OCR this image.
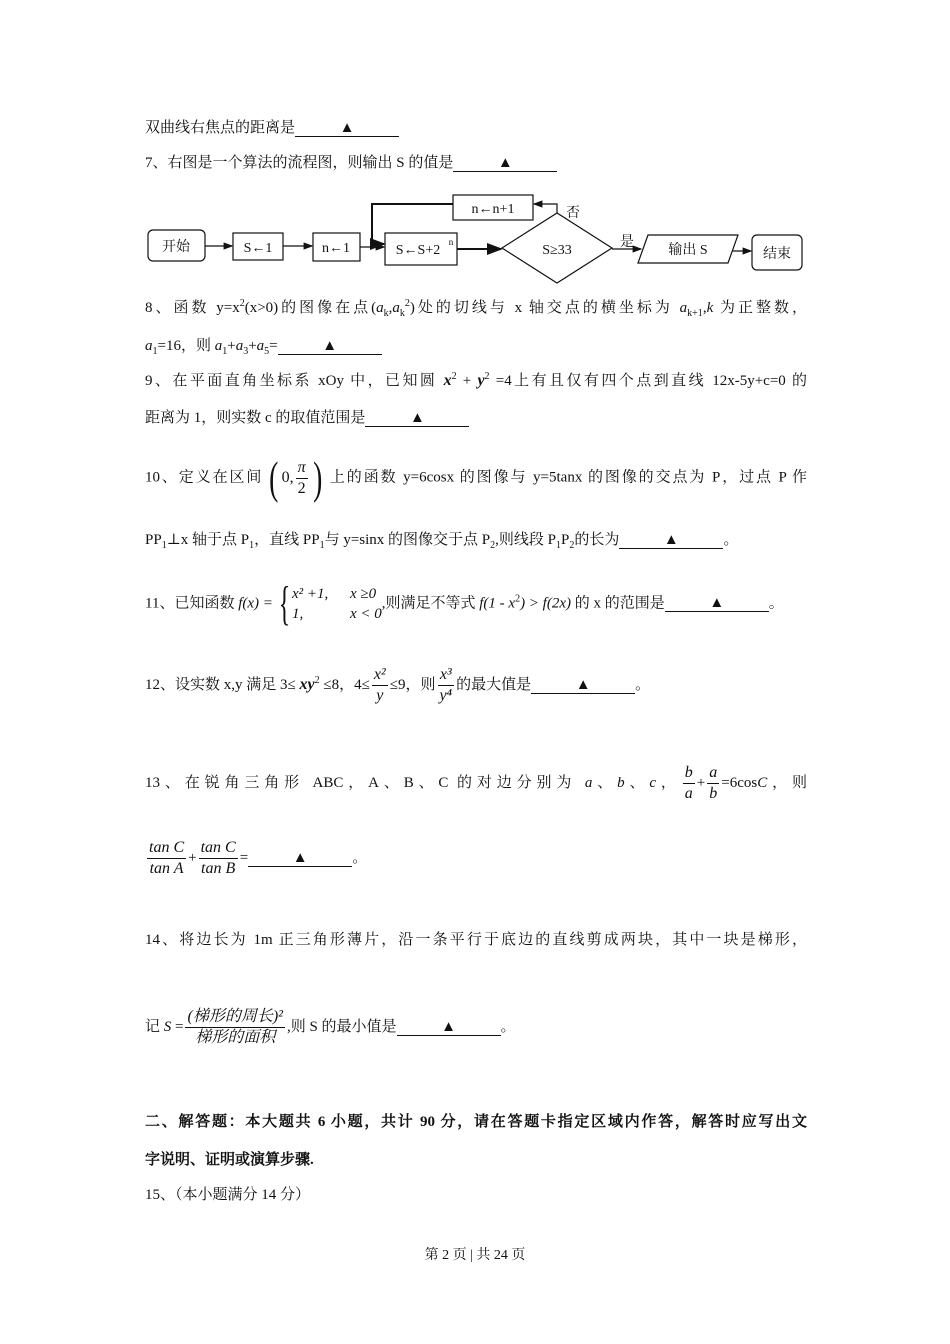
双曲线右焦点的距离是	▲
7、右图是一个算法的流程图，则输出 S 的值是	▲
8、函数 $y=x^2(x>0)$的图像在点$(a_k,a_k^2)$处的切线与 x 轴交点的横坐标为 $a_{k+1},k$ 为正整数，
$a_1=16$，则 $a_1+a_3+a_5=$	▲
9、在平面直角坐标系 xOy 中，已知圆 $x^2 + y^2 =4$上有且仅有四个点到直线 12x-5y+c=0 的
距离为 1，则实数 c 的取值范围是	▲
10、定义在区间 ( 0, $\frac{\pi}{2}$ ) 上的函数 y=6cosx 的图像与 y=5tanx 的图像的交点为 P，过点 P 作
$PP_1\perp x$ 轴于点 $P_1$，直线 $PP_1$与 y=sinx 的图像交于点 $P_2$,则线段 $P_1P_2$的长为	▲	。
11、已知函数 f(x) = { x² +1,	x ≥0
1,	x < 0
,则满足不等式 $f(1 - x^2) > f(2x)$ 的 x 的范围是	▲	。
12、设实数 x,y 满足 $3\le xy^2 \le 8$，$4\le \frac{\text{x²}}{y} \le 9$，则 $\frac{\text{x³}}{\text{y⁴}}$ 的最大值是	▲	。
13、在锐角三角形 ABC，A、B、C 的对边分别为 a、b、c， $\frac{b}{a} + \frac{a}{b} =6\cos C$，则
$\frac{\text{tan C}}{\text{tan A}} + \frac{\text{tan C}}{\text{tan B}}$ =	▲	。
14、将边长为 1m 正三角形薄片，沿一条平行于底边的直线剪成两块，其中一块是梯形，
记 $S = \frac{\text{(梯形的周长)²}}{\text{梯形的面积}}$ ,则 S 的最小值是	▲	。
二、解答题：本大题共 6 小题，共计 90 分，请在答题卡指定区域内作答，解答时应写出文
字说明、证明或演算步骤.
15、（本小题满分 14 分）
开始	S←1	n←1	S←S+2
n
S≥33
n←n+1	否
是
输出 S	结束
第 2 页 | 共 24 页
